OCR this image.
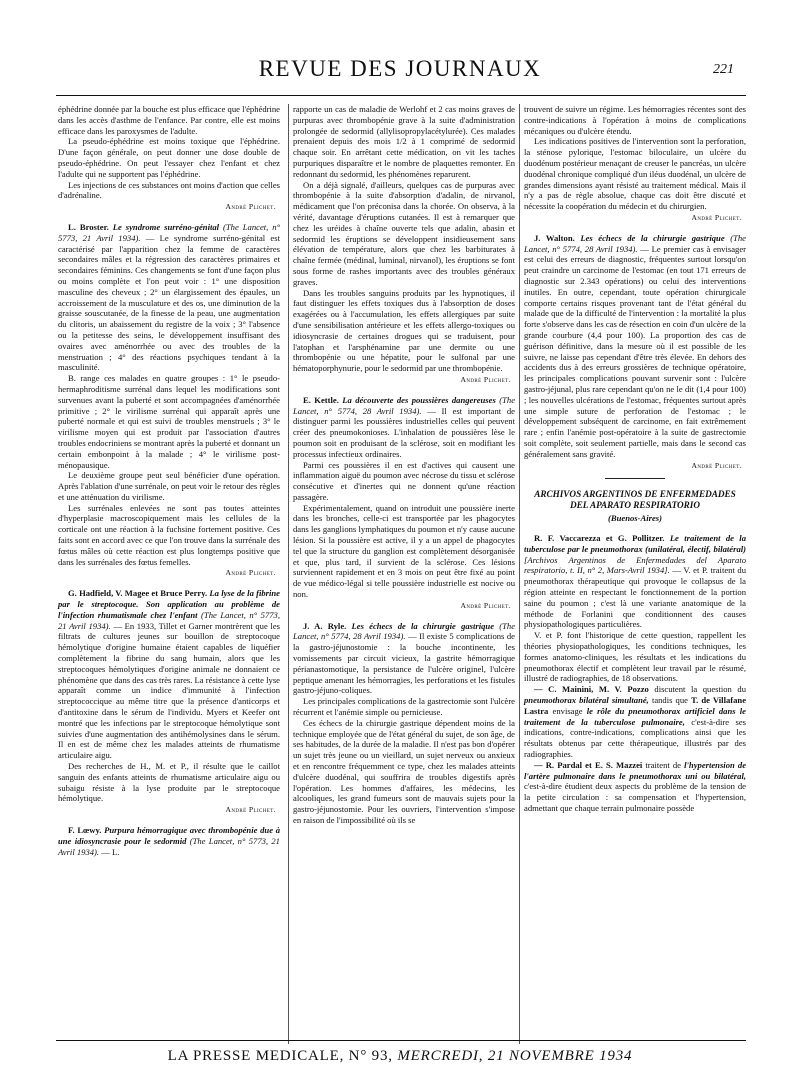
REVUE DES JOURNAUX	221

éphédrine donnée par la bouche est plus efficace que l'éphédrine dans les accès d'asthme de l'enfance. Par contre, elle est moins efficace dans les paroxysmes de l'adulte.

La pseudo-éphédrine est moins toxique que l'éphédrine. D'une façon générale, on peut donner une dose double de pseudo-éphédrine. On peut l'essayer chez l'enfant et chez l'adulte qui ne supportent pas l'éphédrine.

Les injections de ces substances ont moins d'action que celles d'adrénaline.

André Plichet.

L. Broster. Le syndrome surréno-génital (The Lancet, n° 5773, 21 Avril 1934). — Le syndrome surréno-génital est caractérisé par l'apparition chez la femme de caractères secondaires mâles et la régression des caractères primaires et secondaires féminins. Ces changements se font d'une façon plus ou moins complète et l'on peut voir : 1° une disposition masculine des cheveux ; 2° un élargissement des épaules, un accroissement de la musculature et des os, une diminution de la graisse souscutanée, de la finesse de la peau, une augmentation du clitoris, un abaissement du registre de la voix ; 3° l'absence ou la petitesse des seins, le développement insuffisant des ovaires avec aménorrhée ou avec des troubles de la menstruation ; 4° des réactions psychiques tendant à la masculinité.

B. range ces malades en quatre groupes : 1° le pseudo-hermaphroditisme surrénal dans lequel les modifications sont survenues avant la puberté et sont accompagnées d'aménorrhée primitive ; 2° le virilisme surrénal qui apparaît après une puberté normale et qui est suivi de troubles menstruels ; 3° le virilisme moyen qui est produit par l'association d'autres troubles endocriniens se montrant après la puberté et donnant un certain embonpoint à la malade ; 4° le virilisme post-ménopausique.

Le deuxième groupe peut seul bénéficier d'une opération. Après l'ablation d'une surrénale, on peut voir le retour des règles et une atténuation du virilisme.

Les surrénales enlevées ne sont pas toutes atteintes d'hyperplasie macroscopiquement mais les cellules de la corticale ont une réaction à la fuchsine fortement positive. Ces faits sont en accord avec ce que l'on trouve dans la surrénale des fœtus mâles où cette réaction est plus longtemps positive que dans les surrénales des fœtus femelles.

André Plichet.

G. Hadfield, V. Magee et Bruce Perry. La lyse de la fibrine par le streptocoque. Son application au problème de l'infection rhumatismale chez l'enfant (The Lancet, n° 5773, 21 Avril 1934). — En 1933, Tillet et Garner montrèrent que les filtrats de cultures jeunes sur bouillon de streptocoque hémolytique d'origine humaine étaient capables de liquéfier complètement la fibrine du sang humain, alors que les streptocoques hémolytiques d'origine animale ne donnaient ce phénomène que dans des cas très rares. La résistance à cette lyse apparaît comme un indice d'immunité à l'infection streptococcique au même titre que la présence d'anticorps et d'antitoxine dans le sérum de l'individu. Myers et Keefer ont montré que les infections par le streptocoque hémolytique sont suivies d'une augmentation des antihémolysines dans le sérum. Il en est de même chez les malades atteints de rhumatisme articulaire aigu.

Des recherches de H., M. et P., il résulte que le caillot sanguin des enfants atteints de rhumatisme articulaire aigu ou subaigu résiste à la lyse produite par le streptocoque hémolytique.

André Plichet.

F. Lœwy. Purpura hémorragique avec thrombopénie due à une idiosyncrasie pour le sedormid (The Lancet, n° 5773, 21 Avril 1934). — L.

rapporte un cas de maladie de Werlohf et 2 cas moins graves de purpuras avec thrombopénie grave à la suite d'administration prolongée de sedormid (allylisopropylacétylurée). Ces malades prenaient depuis des mois 1/2 à 1 comprimé de sedormid chaque soir. En arrêtant cette médication, on vit les taches purpuriques disparaître et le nombre de plaquettes remonter. En redonnant du sedormid, les phénomènes reparurent.

On a déjà signalé, d'ailleurs, quelques cas de purpuras avec thrombopénie à la suite d'absorption d'adalin, de nirvanol, médicament que l'on préconisa dans la chorée. On observa, à la vérité, davantage d'éruptions cutanées. Il est à remarquer que chez les uréides à chaîne ouverte tels que adalin, abasin et sedormid les éruptions se développent insidieusement sans élévation de température, alors que chez les barbiturates à chaîne fermée (médinal, luminal, nirvanol), les éruptions se font sous forme de rashes importants avec des troubles généraux graves.

Dans les troubles sanguins produits par les hypnotiques, il faut distinguer les effets toxiques dus à l'absorption de doses exagérées ou à l'accumulation, les effets allergiques par suite d'une sensibilisation antérieure et les effets allergo-toxiques ou idiosyncrasie de certaines drogues qui se traduisent, pour l'atophan et l'arsphénamine par une dermite ou une thrombopénie ou une hépatite, pour le sulfonal par une hématoporphynurie, pour le sedormid par une thrombopénie.

André Plichet.

E. Kettle. La découverte des poussières dangereuses (The Lancet, n° 5774, 28 Avril 1934). — Il est important de distinguer parmi les poussières industrielles celles qui peuvent créer des pneumokonioses. L'inhalation de poussières lèse le poumon soit en produisant de la sclérose, soit en modifiant les processus infectieux ordinaires.

Parmi ces poussières il en est d'actives qui causent une inflammation aiguë du poumon avec nécrose du tissu et sclérose consécutive et d'inertes qui ne donnent qu'une réaction passagère.

Expérimentalement, quand on introduit une poussière inerte dans les bronches, celle-ci est transportée par les phagocytes dans les ganglions lymphatiques du poumon et n'y cause aucune lésion. Si la poussière est active, il y a un appel de phagocytes tel que la structure du ganglion est complètement désorganisée et que, plus tard, il survient de la sclérose. Ces lésions surviennent rapidement et en 3 mois on peut être fixé au point de vue médico-légal si telle poussière industrielle est nocive ou non.

André Plichet.

J. A. Ryle. Les échecs de la chirurgie gastrique (The Lancet, n° 5774, 28 Avril 1934). — Il existe 5 complications de la gastro-jéjunostomie : la bouche incontinente, les vomissements par circuit vicieux, la gastrite hémorragique périanastomotique, la persistance de l'ulcère originel, l'ulcère peptique amenant les hémorragies, les perforations et les fistules gastro-jéjuno-coliques.

Les principales complications de la gastrectomie sont l'ulcère récurrent et l'anémie simple ou pernicieuse.

Ces échecs de la chirurgie gastrique dépendent moins de la technique employée que de l'état général du sujet, de son âge, de ses habitudes, de la durée de la maladie. Il n'est pas bon d'opérer un sujet très jeune ou un vieillard, un sujet nerveux ou anxieux et en rencontre fréquemment ce type, chez les malades atteints d'ulcère duodénal, qui souffrira de troubles digestifs après l'opération. Les hommes d'affaires, les médecins, les alcooliques, les grand fumeurs sont de mauvais sujets pour la gastro-jéjunostomie. Pour les ouvriers, l'intervention s'impose en raison de l'impossibilité où ils se

trouvent de suivre un régime. Les hémorragies récentes sont des contre-indications à l'opération à moins de complications mécaniques ou d'ulcère étendu.

Les indications positives de l'intervention sont la perforation, la sténose pylorique, l'estomac biloculaire, un ulcère du duodénum postérieur menaçant de creuser le pancréas, un ulcère duodénal chronique compliqué d'un iléus duodénal, un ulcère de grandes dimensions ayant résisté au traitement médical. Mais il n'y a pas de règle absolue, chaque cas doit être discuté et nécessite la coopération du médecin et du chirurgien.

André Plichet.

J. Walton. Les échecs de la chirurgie gastrique (The Lancet, n° 5774, 28 Avril 1934). — Le premier cas à envisager est celui des erreurs de diagnostic, fréquentes surtout lorsqu'on peut craindre un carcinome de l'estomac (en tout 171 erreurs de diagnostic sur 2.343 opérations) ou celui des interventions inutiles. En outre, cependant, toute opération chirurgicale comporte certains risques provenant tant de l'état général du malade que de la difficulté de l'intervention : la mortalité la plus forte s'observe dans les cas de résection en coin d'un ulcère de la grande courbure (4,4 pour 100). La proportion des cas de guérison définitive, dans la mesure où il est possible de les suivre, ne laisse pas cependant d'être très élevée. En dehors des accidents dus à des erreurs grossières de technique opératoire, les principales complications pouvant survenir sont : l'ulcère gastro-jéjunal, plus rare cependant qu'on ne le dit (1,4 pour 100) ; les nouvelles ulcérations de l'estomac, fréquentes surtout après une simple suture de perforation de l'estomac ; le développement subséquent de carcinome, en fait extrêmement rare ; enfin l'anémie post-opératoire à la suite de gastrectomie soit complète, soit seulement partielle, mais dans le second cas généralement sans gravité.

André Plichet.
ARCHIVOS ARGENTINOS DE ENFERMEDADES DEL APARATO RESPIRATORIO
(Buenos-Aires)

R. F. Vaccarezza et G. Pollitzer. Le traitement de la tuberculose par le pneumothorax (unilatéral, électif, bilatéral) [Archivos Argentinos de Enfermedades del Aparato respiratorio, t. II, n° 2, Mars-Avril 1934]. — V. et P. traitent du pneumothorax thérapeutique qui provoque le collapsus de la région atteinte en respectant le fonctionnement de la portion saine du poumon ; c'est là une variante anatomique de la méthode de Forlanini que conditionnent des causes physiopathologiques particulières.

V. et P. font l'historique de cette question, rappellent les théories physiopathologiques, les conditions techniques, les formes anatomo-cliniques, les résultats et les indications du pneumothorax électif et complètent leur travail par le résumé, illustré de radiographies, de 18 observations.

— C. Mainini, M. V. Pozzo discutent la question du pneumothorax bilatéral simultané, tandis que T. de Villafane Lastra envisage le rôle du pneumothorax artificiel dans le traitement de la tuberculose pulmonaire, c'est-à-dire ses indications, contre-indications, complications ainsi que les résultats obtenus par cette thérapeutique, illustrés par des radiographies.

— R. Pardal et E. S. Mazzei traitent de l'hypertension de l'artère pulmonaire dans le pneumothorax uni ou bilatéral, c'est-à-dire étudient deux aspects du problème de la tension de la petite circulation : sa compensation et l'hypertension, admettant que chaque terrain pulmonaire possède

LA PRESSE MEDICALE, N° 93, MERCREDI, 21 NOVEMBRE 1934
